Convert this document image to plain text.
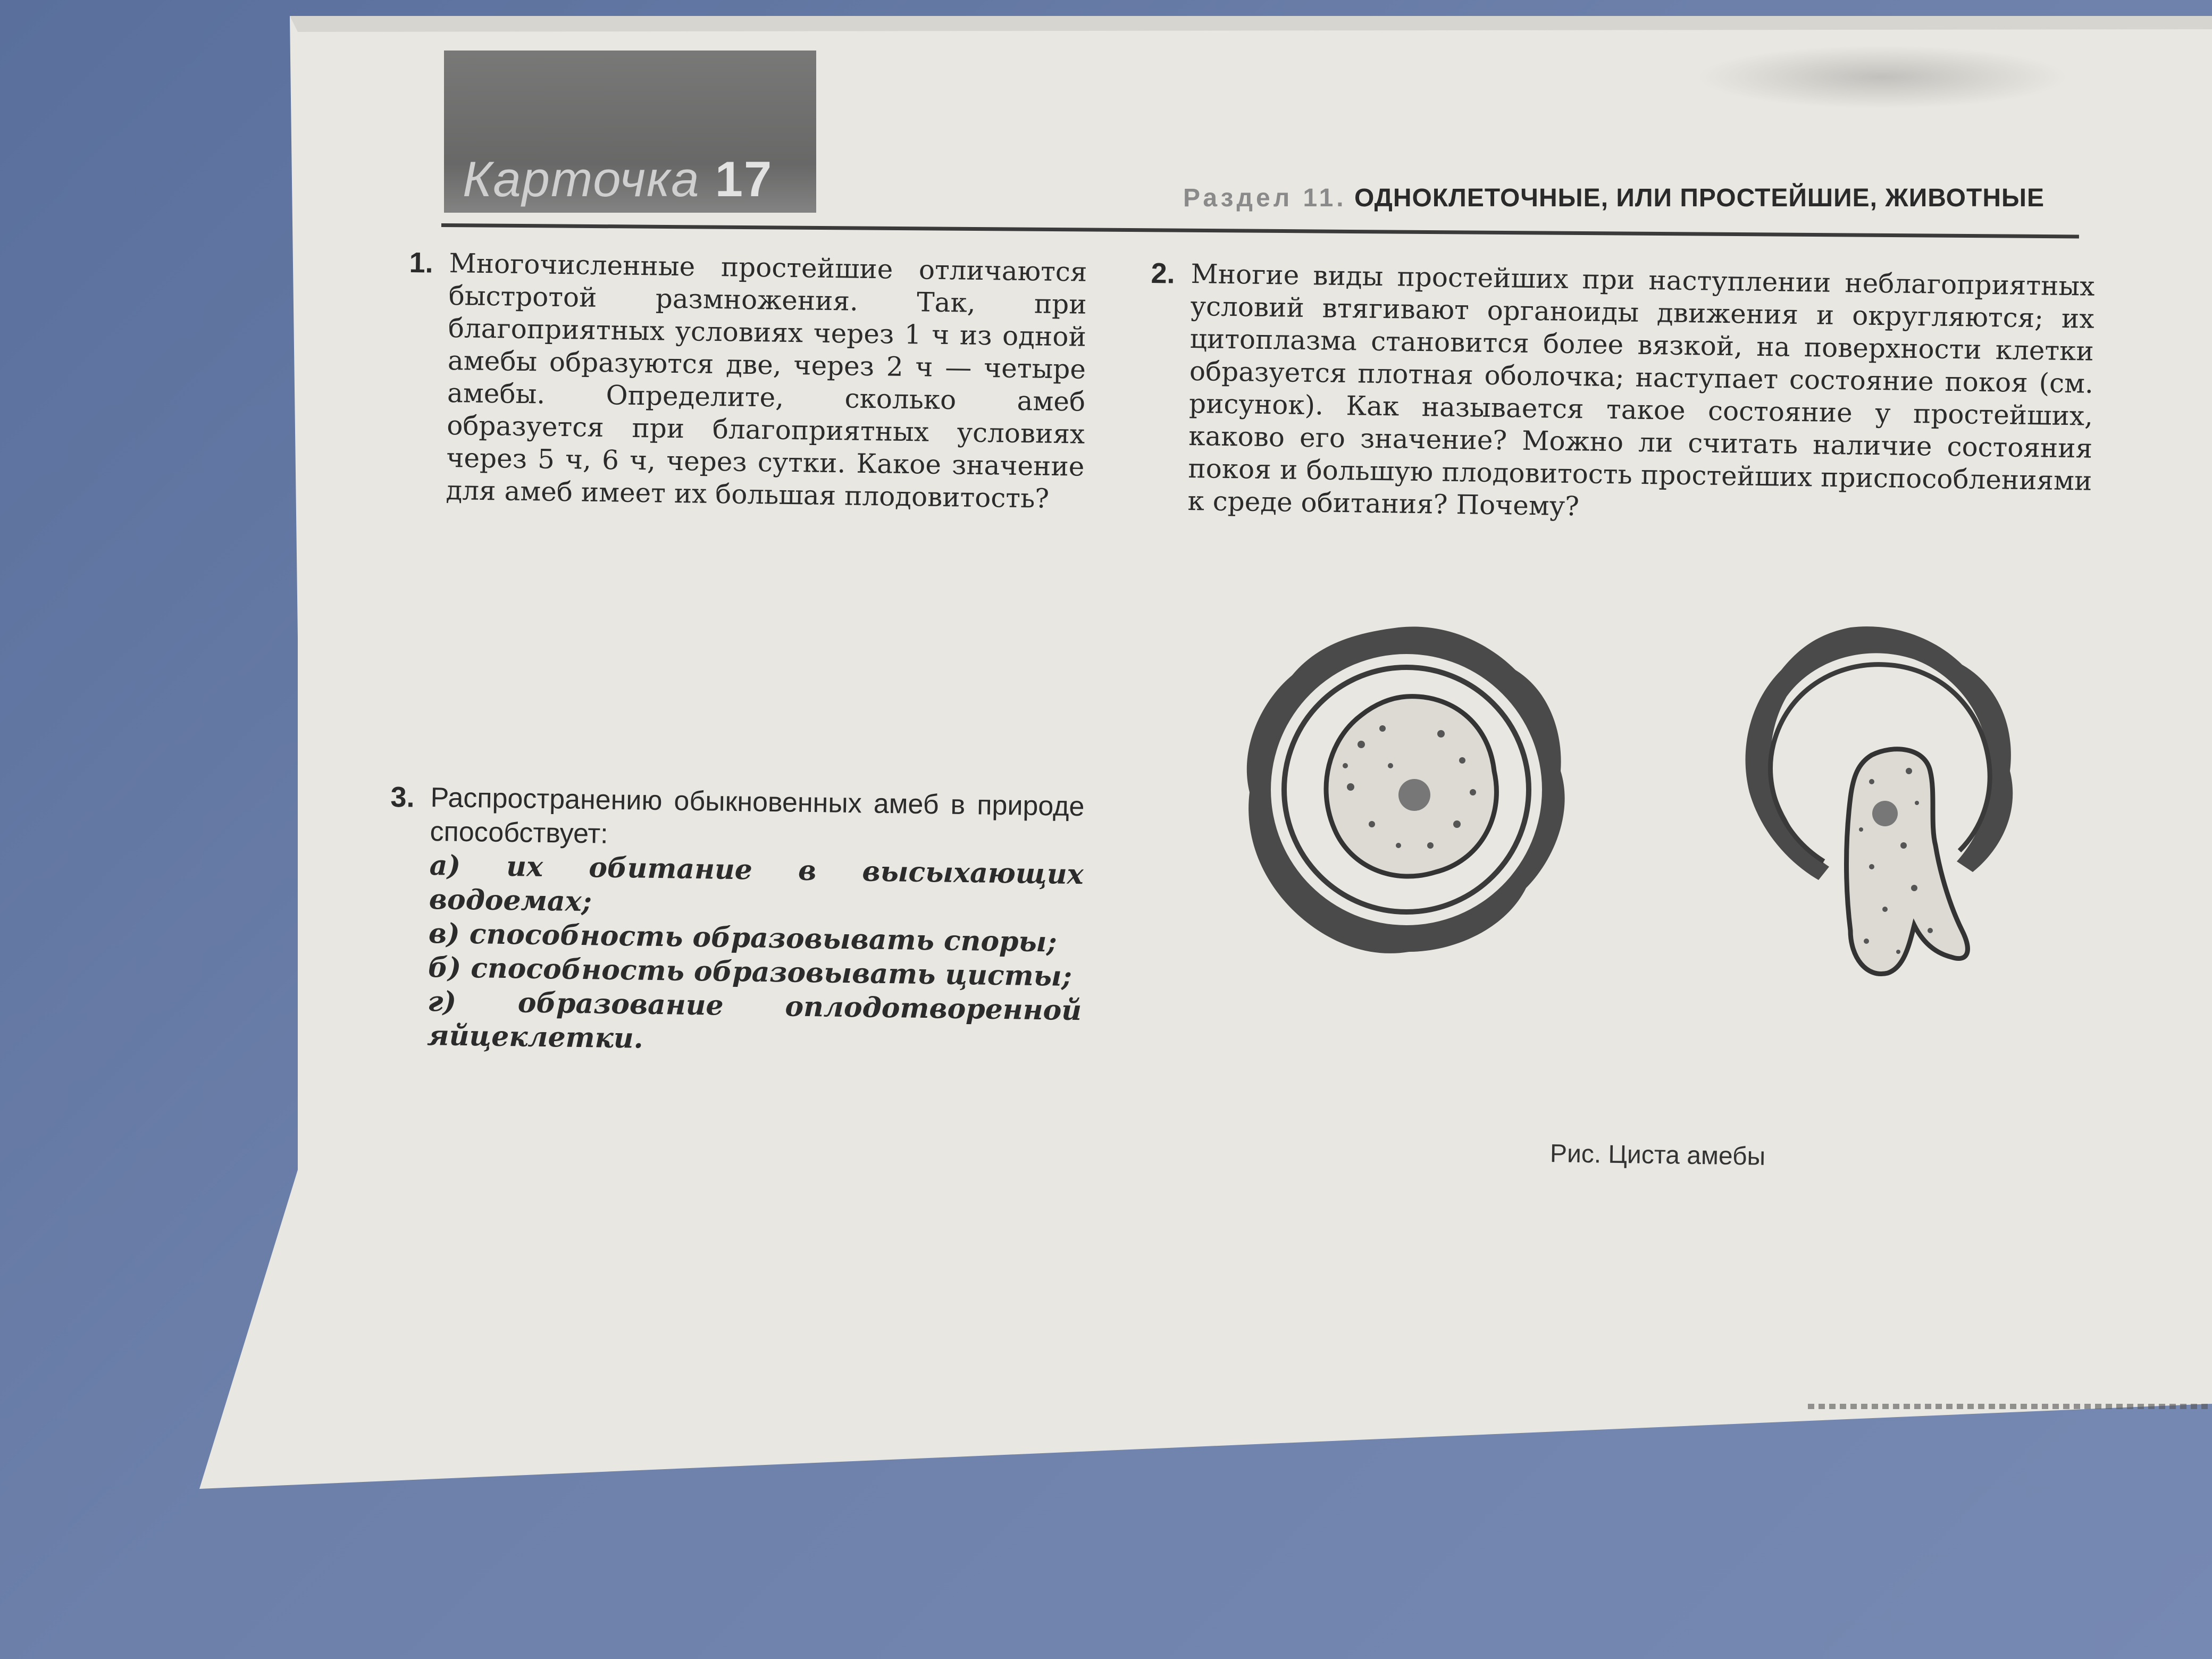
Карточка 17	Раздел 11. ОДНОКЛЕТОЧНЫЕ, ИЛИ ПРОСТЕЙШИЕ, ЖИВОТНЫЕ
1. Многочисленные простейшие отличаются быстротой размножения. Так, при благоприятных условиях через 1 ч из одной амебы образуются две, через 2 ч — четыре амебы. Определите, сколько амеб образуется при благоприятных условиях через 5 ч, 6 ч, через сутки. Какое значение для амеб имеет их большая плодовитость?
2. Многие виды простейших при наступлении неблагоприятных условий втягивают органоиды движения и округляются; их цитоплазма становится более вязкой, на поверхности клетки образуется плотная оболочка; наступает состояние покоя (см. рисунок). Как называется такое состояние у простейших, каково его значение? Можно ли считать наличие состояния покоя и большую плодовитость простейших приспособлениями к среде обитания? Почему?
3. Распространению обыкновенных амеб в природе способствует:
а) их обитание в высыхающих водоемах;
в) способность образовывать споры;
б) способность образовывать цисты;
г) образование оплодотворенной яйцеклетки.
Рис. Циста амебы
